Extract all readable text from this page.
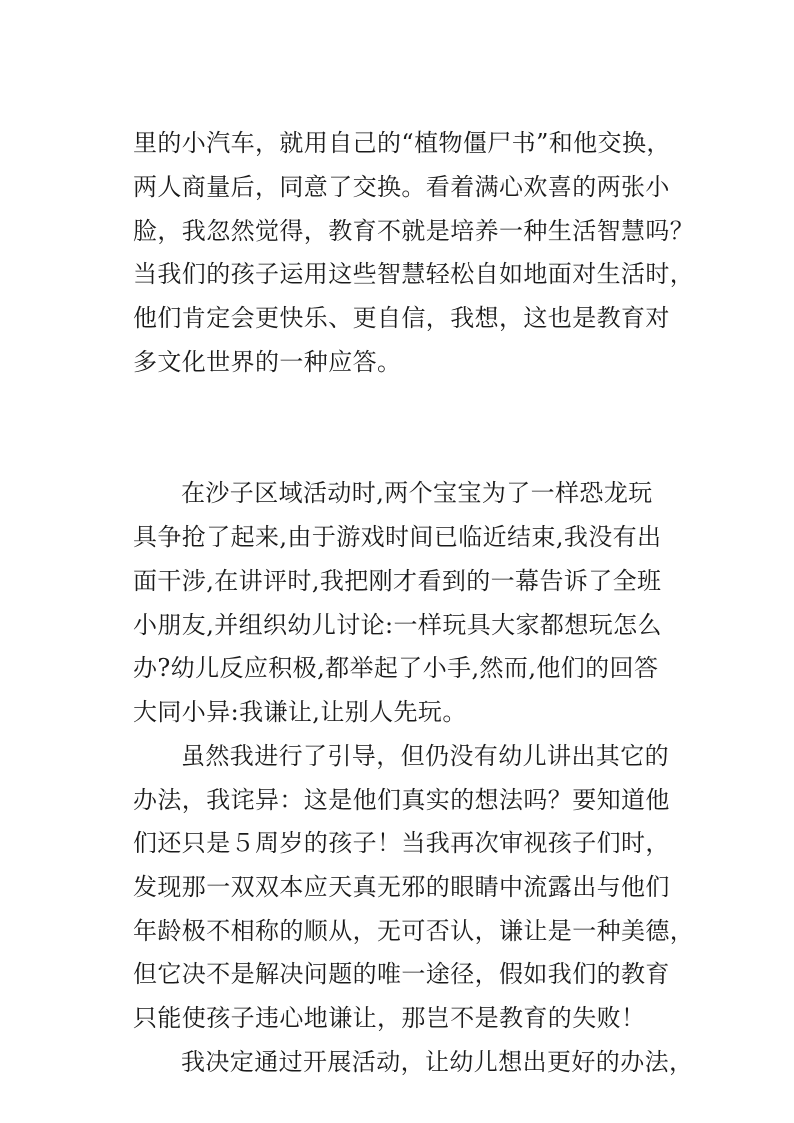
里的小汽车，就用自己的“植物僵尸书”和他交换，

两人商量后，同意了交换。看着满心欢喜的两张小

脸，我忽然觉得，教育不就是培养一种生活智慧吗？

当我们的孩子运用这些智慧轻松自如地面对生活时，

他们肯定会更快乐、更自信，我想，这也是教育对

多文化世界的一种应答。

在沙子区域活动时,两个宝宝为了一样恐龙玩

具争抢了起来,由于游戏时间已临近结束,我没有出

面干涉,在讲评时,我把刚才看到的一幕告诉了全班

小朋友,并组织幼儿讨论:一样玩具大家都想玩怎么

办?幼儿反应积极,都举起了小手,然而,他们的回答

大同小异:我谦让,让别人先玩。

虽然我进行了引导，但仍没有幼儿讲出其它的

办法，我诧异：这是他们真实的想法吗？要知道他

们还只是５周岁的孩子！当我再次审视孩子们时，

发现那一双双本应天真无邪的眼睛中流露出与他们

年龄极不相称的顺从，无可否认，谦让是一种美德，

但它决不是解决问题的唯一途径，假如我们的教育

只能使孩子违心地谦让，那岂不是教育的失败！

我决定通过开展活动，让幼儿想出更好的办法，
